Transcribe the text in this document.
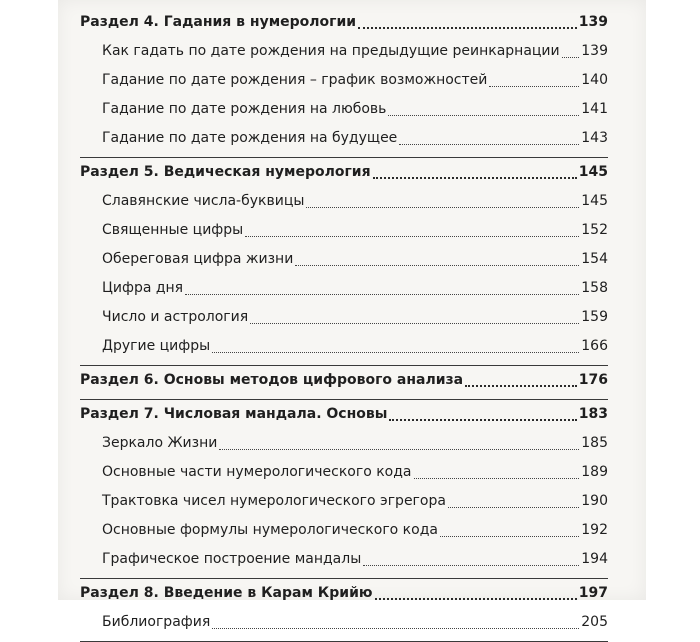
Раздел 4. Гадания в нумерологии	139
Как гадать по дате рождения на предыдущие реинкарнации 139
Гадание по дате рождения – график возможностей	140
Гадание по дате рождения на любовь	141
Гадание по дате рождения на будущее	143
Раздел 5. Ведическая нумерология	145
Славянские числа-буквицы	145
Священные цифры	152
Обереговая цифра жизни	154
Цифра дня	158
Число и астрология	159
Другие цифры	166
Раздел 6. Основы методов цифрового анализа	176
Раздел 7. Числовая мандала. Основы	183
Зеркало Жизни	185
Основные части нумерологического кода	189
Трактовка чисел нумерологического эгрегора	190
Основные формулы нумерологического кода	192
Графическое построение мандалы	194
Раздел 8. Введение в Карам Крийю	197
Библиография	205
